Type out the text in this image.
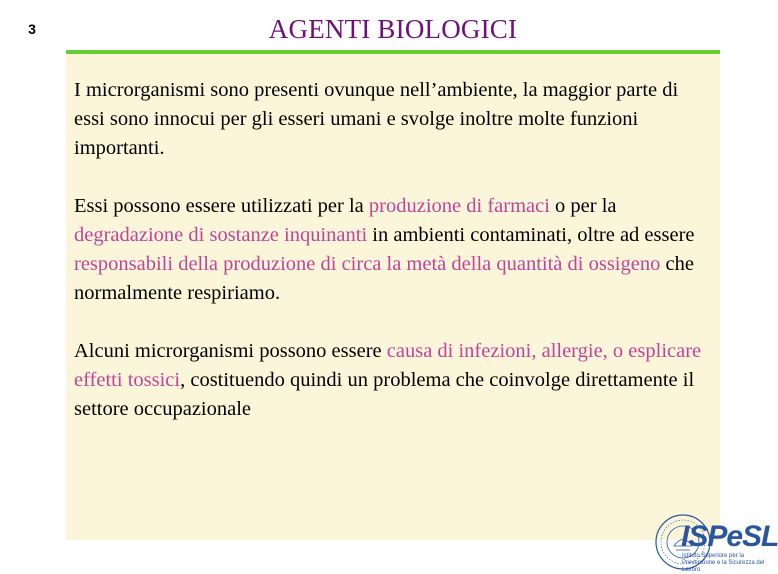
3	AGENTI BIOLOGICI

I microrganismi sono presenti ovunque nell’ambiente, la maggior parte di essi sono innocui per gli esseri umani e svolge inoltre molte funzioni importanti.

Essi possono essere utilizzati per la produzione di farmaci o per la degradazione di sostanze inquinanti in ambienti contaminati, oltre ad essere responsabili della produzione di circa la metà della quantità di ossigeno che normalmente respiriamo.

Alcuni microrganismi possono essere causa di infezioni, allergie, o esplicare effetti tossici, costituendo quindi un problema che coinvolge direttamente il settore occupazionale

ISPeSL
Istituto Superiore per la Prevenzione e la Sicurezza del Lavoro
